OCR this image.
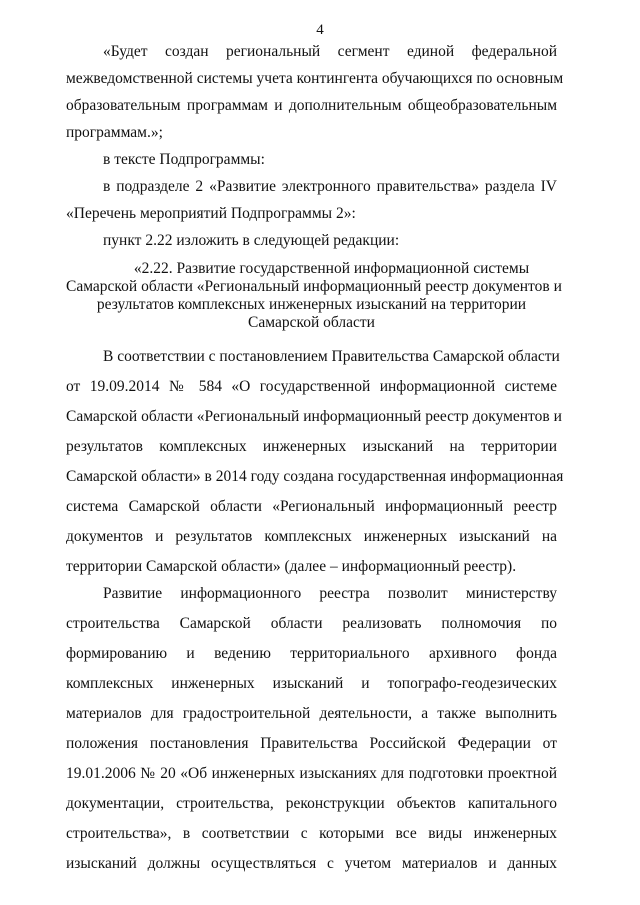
4
«Будет создан региональный сегмент единой федеральной
межведомственной системы учета контингента обучающихся по основным
образовательным программам и дополнительным общеобразовательным
программам.»;
в тексте Подпрограммы:
в подразделе 2 «Развитие электронного правительства» раздела IV
«Перечень мероприятий Подпрограммы 2»:
пункт 2.22 изложить в следующей редакции:
«2.22. Развитие государственной информационной системы
Самарской области «Региональный информационный реестр документов и
результатов комплексных инженерных изысканий на территории
Самарской области
В соответствии с постановлением Правительства Самарской области
от 19.09.2014 № 584 «О государственной информационной системе
Самарской области «Региональный информационный реестр документов и
результатов комплексных инженерных изысканий на территории
Самарской области» в 2014 году создана государственная информационная
система Самарской области «Региональный информационный реестр
документов и результатов комплексных инженерных изысканий на
территории Самарской области» (далее – информационный реестр).
Развитие информационного реестра позволит министерству
строительства Самарской области реализовать полномочия по
формированию и ведению территориального архивного фонда
комплексных инженерных изысканий и топографо-геодезических
материалов для градостроительной деятельности, а также выполнить
положения постановления Правительства Российской Федерации от
19.01.2006 № 20 «Об инженерных изысканиях для подготовки проектной
документации, строительства, реконструкции объектов капитального
строительства», в соответствии с которыми все виды инженерных
изысканий должны осуществляться с учетом материалов и данных
